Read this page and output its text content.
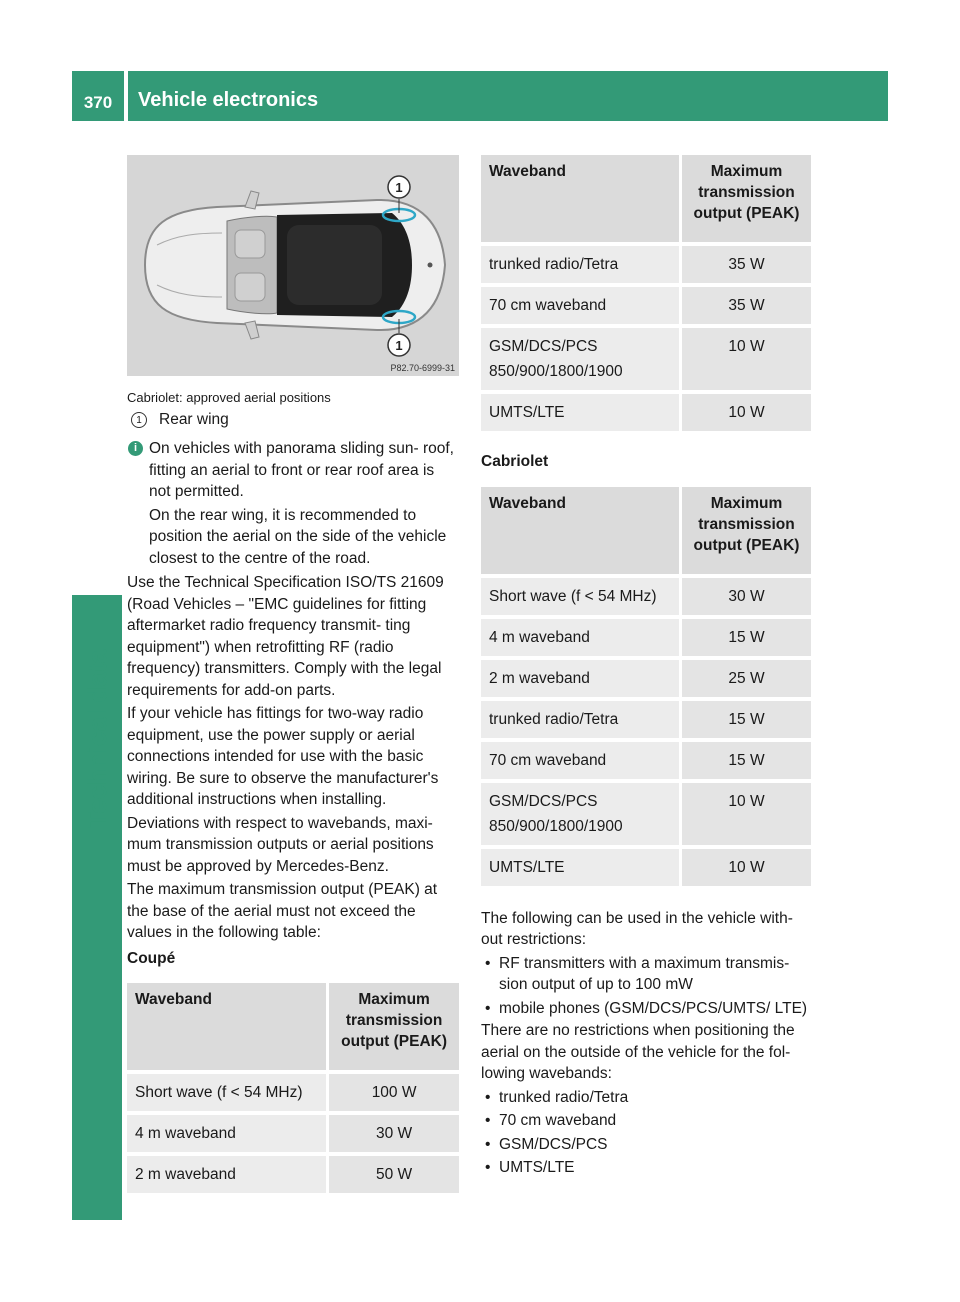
370	Vehicle electronics
Technical data
1
1
P82.70-6999-31
Cabriolet: approved aerial positions
1	Rear wing
i On vehicles with panorama sliding sun- roof, fitting an aerial to front or rear roof area is not permitted.

On the rear wing, it is recommended to position the aerial on the side of the vehicle closest to the centre of the road.

Use the Technical Specification ISO/TS 21609 (Road Vehicles – "EMC guidelines for fitting aftermarket radio frequency transmit- ting equipment") when retrofitting RF (radio frequency) transmitters. Comply with the legal requirements for add-on parts.

If your vehicle has fittings for two-way radio equipment, use the power supply or aerial connections intended for use with the basic wiring. Be sure to observe the manufacturer's additional instructions when installing.

Deviations with respect to wavebands, maxi- mum transmission outputs or aerial positions must be approved by Mercedes-Benz.

The maximum transmission output (PEAK) at the base of the aerial must not exceed the values in the following table:

Coupé
Waveband	Maximum transmission output (PEAK)
Short wave (f < 54 MHz)	100 W
4 m waveband	30 W
2 m waveband	50 W
Waveband	Maximum transmission output (PEAK)
trunked radio/Tetra	35 W
70 cm waveband	35 W
GSM/DCS/PCS 850/900/1800/1900	10 W
UMTS/LTE	10 W
Cabriolet
Waveband	Maximum transmission output (PEAK)
Short wave (f < 54 MHz)	30 W
4 m waveband	15 W
2 m waveband	25 W
trunked radio/Tetra	15 W
70 cm waveband	15 W
GSM/DCS/PCS 850/900/1800/1900	10 W
UMTS/LTE	10 W

The following can be used in the vehicle with- out restrictions:

• RF transmitters with a maximum transmis- sion output of up to 100 mW
• mobile phones (GSM/DCS/PCS/UMTS/ LTE)

There are no restrictions when positioning the aerial on the outside of the vehicle for the fol- lowing wavebands:

• trunked radio/Tetra
• 70 cm waveband
• GSM/DCS/PCS
• UMTS/LTE
